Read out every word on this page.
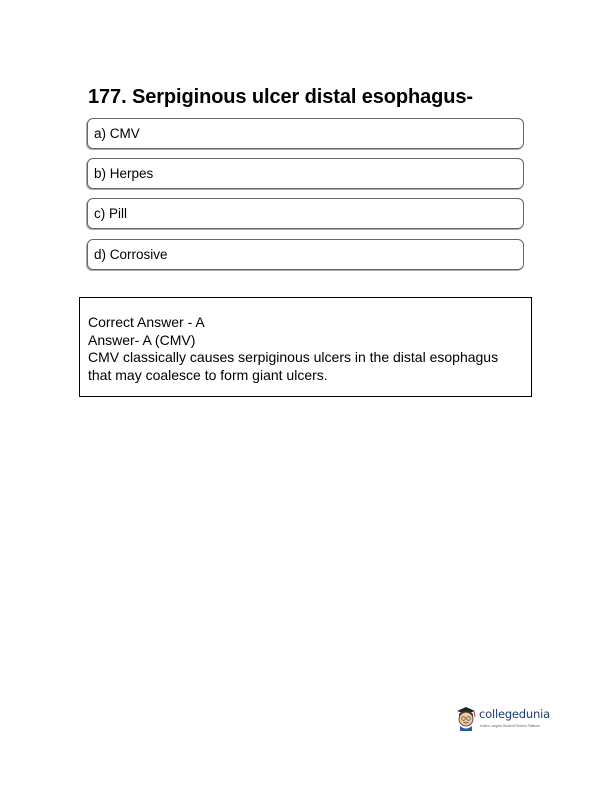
177. Serpiginous ulcer distal esophagus-
a) CMV
b) Herpes
c) Pill
d) Corrosive
Correct Answer - A
Answer- A (CMV)
CMV classically causes serpiginous ulcers in the distal esophagus that may coalesce to form giant ulcers.
collegedunia
India's Largest Student Review Platform
